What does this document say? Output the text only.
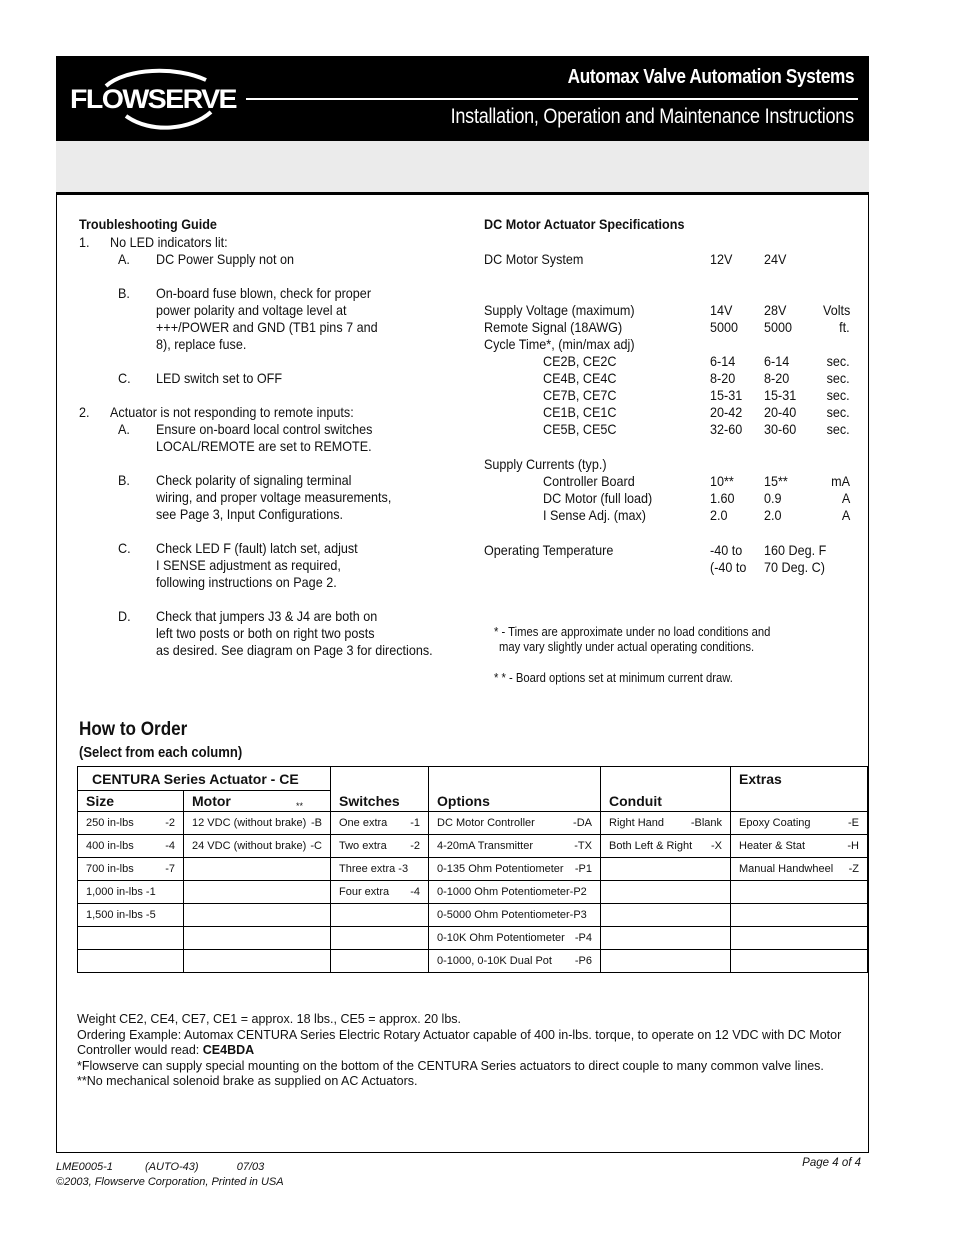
FLOWSERVE
Automax Valve Automation Systems
Installation, Operation and Maintenance Instructions
Troubleshooting Guide
1. No LED indicators lit:
A. DC Power Supply not on
B. On-board fuse blown, check for proper
power polarity and voltage level at
+++/POWER and GND (TB1 pins 7 and
8), replace fuse.
C. LED switch set to OFF
2. Actuator is not responding to remote inputs:
A. Ensure on-board local control switches
LOCAL/REMOTE are set to REMOTE.
B. Check polarity of signaling terminal
wiring, and proper voltage measurements,
see Page 3, Input Configurations.
C. Check LED F (fault) latch set, adjust
I SENSE adjustment as required,
following instructions on Page 2.
D. Check that jumpers J3 & J4 are both on
left two posts or both on right two posts
as desired. See diagram on Page 3 for directions.
DC Motor Actuator Specifications
DC Motor System	12V 24V
Supply Voltage (maximum)	14V 28V	Volts
Remote Signal (18AWG)	5000 5000	ft.
Cycle Time*, (min/max adj)
CE2B, CE2C	6-14 6-14	sec.
CE4B, CE4C	8-20 8-20	sec.
CE7B, CE7C	15-31 15-31 sec.
CE1B, CE1C	20-42 20-40 sec.
CE5B, CE5C	32-60 30-60 sec.
Supply Currents (typ.)
Controller Board	10** 15**	mA
DC Motor (full load)	1.60 0.9	A
I Sense Adj. (max)	2.0	2.0	A
Operating Temperature	-40 to 160 Deg. F
(-40 to 70 Deg. C)
* - Times are approximate under no load conditions and
may vary slightly under actual operating conditions.
* * - Board options set at minimum current draw.
How to Order
(Select from each column)
CENTURA Series Actuator - CE		Switches	Options	Conduit	Extras
Size	Motor **				

250 in-lbs -2	12 VDC (without brake) -B	One extra -1	DC Motor Controller -DA	Right Hand -Blank	Epoxy Coating -E

400 in-lbs -4	24 VDC (without brake) -C	Two extra -2	4-20mA Transmitter -TX	Both Left & Right -X	Heater & Stat -H

700 in-lbs -7		Three extra -3	0-135 Ohm Potentiometer -P1		Manual Handwheel -Z

1,000 in-lbs -1		Four extra -4	0-1000 Ohm Potentiometer-P2		

1,500 in-lbs -5			0-5000 Ohm Potentiometer-P3		

			0-10K Ohm Potentiometer -P4		

			0-1000, 0-10K Dual Pot -P6		

Weight CE2, CE4, CE7, CE1 = approx. 18 lbs., CE5 = approx. 20 lbs.
Ordering Example: Automax CENTURA Series Electric Rotary Actuator capable of 400 in-lbs. torque, to operate on 12 VDC with DC Motor
Controller would read: CE4BDA
*Flowserve can supply special mounting on the bottom of the CENTURA Series actuators to direct couple to many common valve lines.
**No mechanical solenoid brake as supplied on AC Actuators.
LME0005-1	(AUTO-43)	07/03
©2003, Flowserve Corporation, Printed in USA
Page 4 of 4
